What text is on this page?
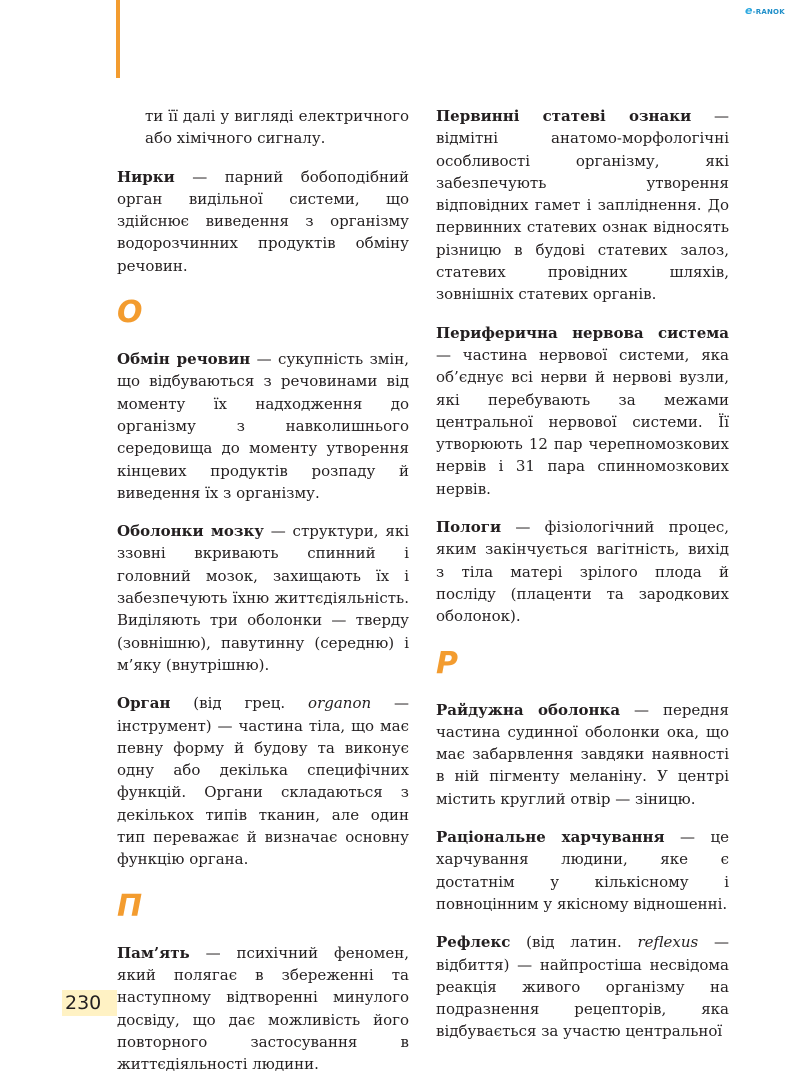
e-RANOK

ти її далі у вигляді електричного або хімічного сигналу.

Нирки — парний бобоподібний орган видільної системи, що здійснює виведення з організму водорозчинних продуктів обміну речовин.

О

Обмін речовин — сукупність змін, що відбуваються з речовинами від моменту їх надходження до організму з навколишнього середовища до моменту утворення кінцевих продуктів розпаду й виведення їх з організму.

Оболонки мозку — структури, які ззовні вкривають спинний і головний мозок, захищають їх і забезпечують їхню життєдіяльність. Виділяють три оболонки — тверду (зовнішню), павутинну (середню) і м’яку (внутрішню).

Орган (від грец. organon — інструмент) — частина тіла, що має певну форму й будову та виконує одну або декілька специфічних функцій. Органи складаються з декількох типів тканин, але один тип переважає й визначає основну функцію органа.

П

Пам’ять — психічний феномен, який полягає в збереженні та наступному відтворенні минулого досвіду, що дає можливість його повторного застосування в життєдіяльності людини.

Первинні статеві ознаки — відмітні анатомо-морфологічні особливості організму, які забезпечують утворення відповідних гамет і запліднення. До первинних статевих ознак відносять різницю в будові статевих залоз, статевих провідних шляхів, зовнішніх статевих органів.

Периферична нервова система — частина нервової системи, яка об’єднує всі нерви й нервові вузли, які перебувають за межами центральної нервової системи. Її утворюють 12 пар черепномозкових нервів і 31 пара спинномозкових нервів.

Пологи — фізіологічний процес, яким закінчується вагітність, вихід з тіла матері зрілого плода й посліду (плаценти та зародкових оболонок).

Р

Райдужна оболонка — передня частина судинної оболонки ока, що має забарвлення завдяки наявності в ній пігменту меланіну. У центрі містить круглий отвір — зіницю.

Раціональне харчування — це харчування людини, яке є достатнім у кількісному і повноцінним у якісному відношенні.

Рефлекс (від латин. reflexus — відбиття) — найпростіша несвідома реакція живого організму на подразнення рецепторів, яка відбувається за участю центральної

230
